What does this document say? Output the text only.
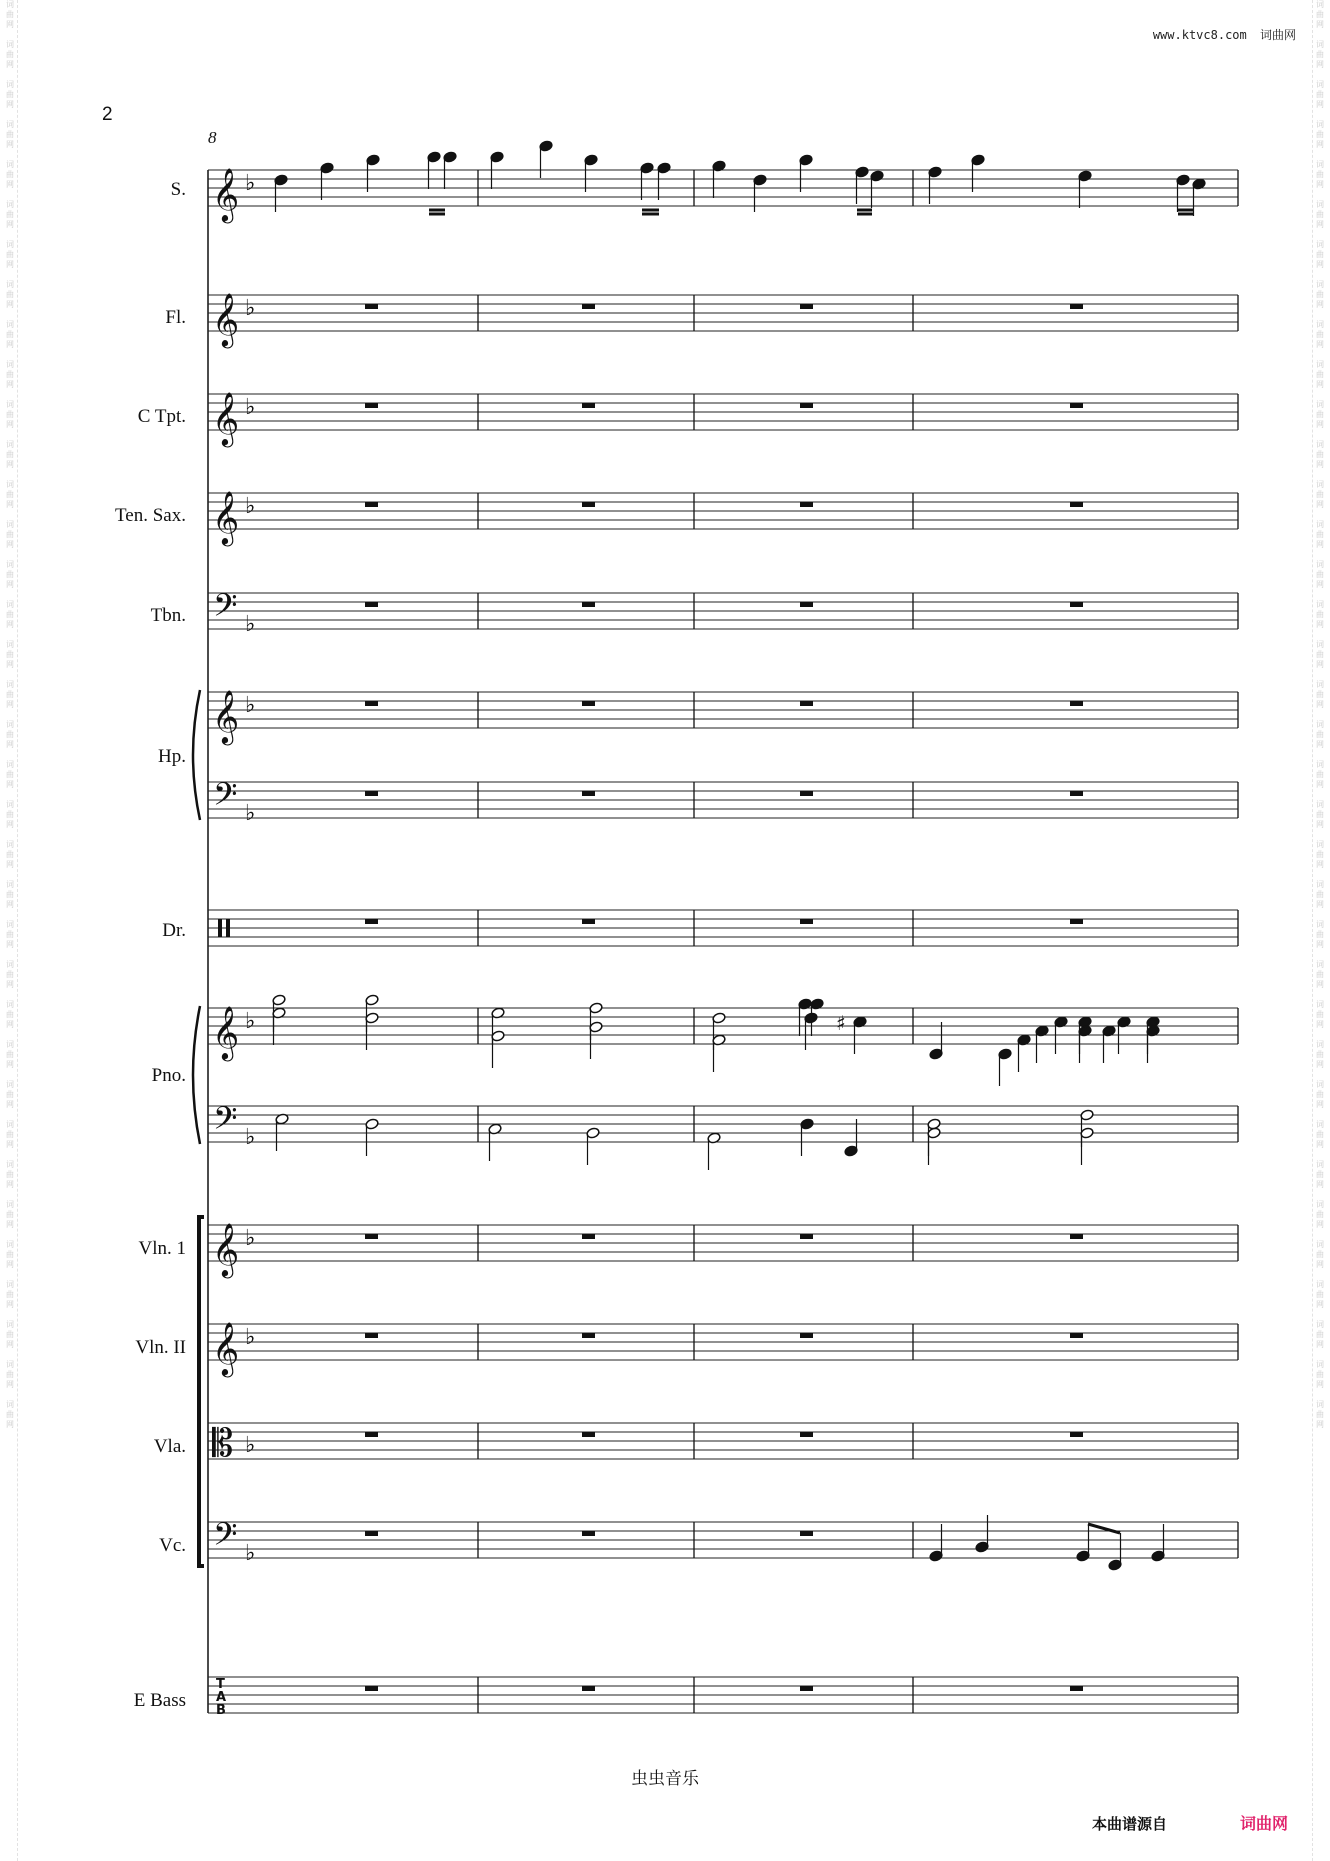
词
曲
网

词
曲
网

词
曲
网

词
曲
网

词
曲
网

词
曲
网

词
曲
网

词
曲
网

词
曲
网

词
曲
网

词
曲
网

词
曲
网

词
曲
网

词
曲
网

词
曲
网

词
曲
网

词
曲
网

词
曲
网

词
曲
网

词
曲
网

词
曲
网

词
曲
网

词
曲
网

词
曲
网

词
曲
网

词
曲
网

词
曲
网

词
曲
网

词
曲
网

词
曲
网

词
曲
网

词
曲
网

词
曲
网

词
曲
网

词
曲
网

词
曲
网

词
曲
网

词
曲
网

词
曲
网

词
曲
网

词
曲
网

词
曲
网

词
曲
网

词
曲
网

词
曲
网

词
曲
网

词
曲
网

词
曲
网

词
曲
网

词
曲
网

词
曲
网

词
曲
网

词
曲
网

词
曲
网

词
曲
网

词
曲
网

词
曲
网

词
曲
网

词
曲
网

词
曲
网

词
曲
网

词
曲
网

词
曲
网

词
曲
网

词
曲
网

词
曲
网

词
曲
网

词
曲
网

词
曲
网

词
曲
网

词
曲
网

词
曲
网

www.ktvc8.com 词曲网
2
8
S.
Fl.
C Tpt.
Ten. Sax.
Tbn.
Hp.
Dr.
Pno.
Vln. 1
Vln. II
Vla.
Vc.
E Bass
𝄞 ♭
𝄞 ♭
𝄞 ♭
𝄞 ♭
𝄢 ♭
𝄞 ♭
𝄢 ♭
𝄞 ♭
𝄢 ♭
𝄞 ♭
𝄞 ♭
𝄡 ♭
𝄢 ♭
T
A
B
♯
虫虫音乐
本曲谱源自	词曲网
